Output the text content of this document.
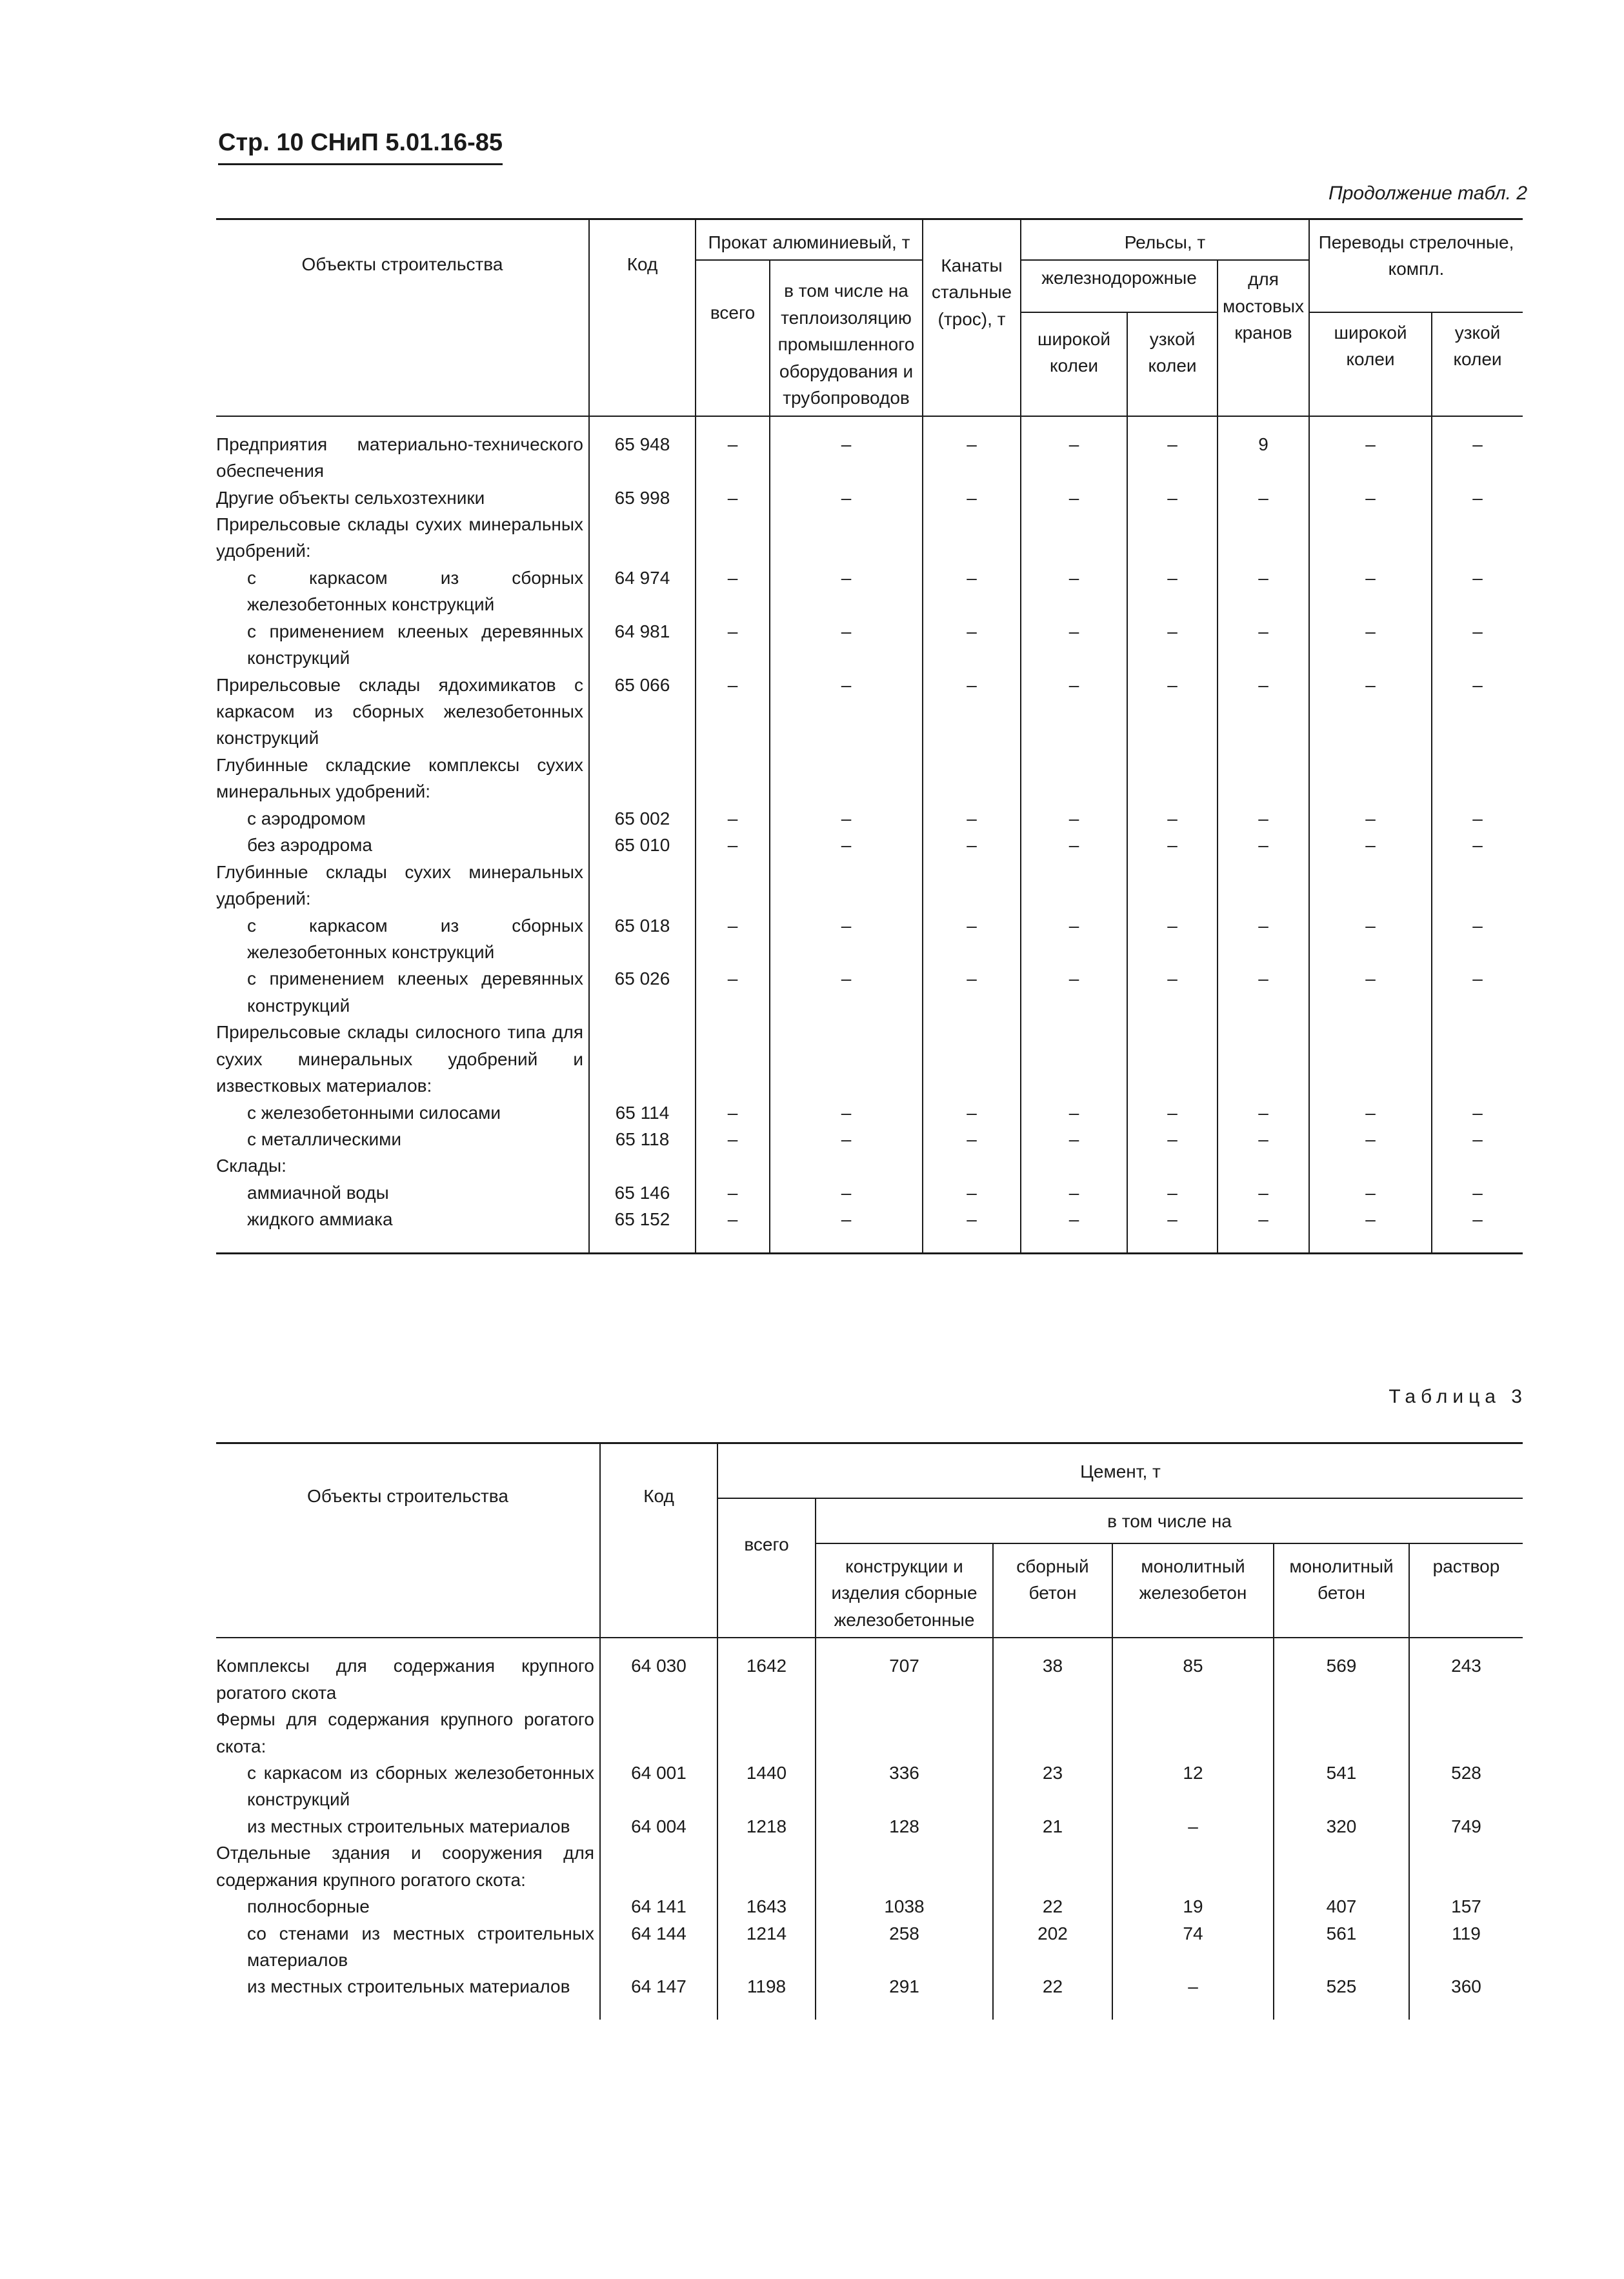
Стр. 10 СНиП 5.01.16-85
Продолжение табл. 2
Объекты строительства	Код	Прокат алюминиевый, т		Канаты стальные (трос), т	Рельсы, т			Переводы стрелочные, компл.	
		всего	в том числе на теплоизоляцию промышленного оборудования и трубопроводов		железнодорожные		для мостовых кранов		
					широкой колеи	узкой колеи		широкой колеи	узкой колеи
Предприятия материально-технического обеспечения	65 948	–	–	–	–	–	9	–	–
Другие объекты сельхозтехники	65 998	–	–	–	–	–	–	–	–
Прирельсовые склады сухих минеральных удобрений:									
с каркасом из сборных железобетонных конструкций	64 974	–	–	–	–	–	–	–	–
с применением клееных деревянных конструкций	64 981	–	–	–	–	–	–	–	–
Прирельсовые склады ядохимикатов с каркасом из сборных железобетонных конструкций	65 066	–	–	–	–	–	–	–	–
Глубинные складские комплексы сухих минеральных удобрений:									
с аэродромом	65 002	–	–	–	–	–	–	–	–
без аэродрома	65 010	–	–	–	–	–	–	–	–
Глубинные склады сухих минеральных удобрений:									
с каркасом из сборных железобетонных конструкций	65 018	–	–	–	–	–	–	–	–
с применением клееных деревянных конструкций	65 026	–	–	–	–	–	–	–	–
Прирельсовые склады силосного типа для сухих минеральных удобрений и известковых материалов:									
с железобетонными силосами	65 114	–	–	–	–	–	–	–	–
с металлическими	65 118	–	–	–	–	–	–	–	–
Склады:									
аммиачной воды	65 146	–	–	–	–	–	–	–	–
жидкого аммиака	65 152	–	–	–	–	–	–	–	–
Таблица 3
Объекты строительства	Код	Цемент, т					
		всего	в том числе на				
			конструкции и изделия сборные железобетонные	сборный бетон	монолитный железобетон	монолитный бетон	раствор
Комплексы для содержания крупного рогатого скота	64 030	1642	707	38	85	569	243
Фермы для содержания крупного рогатого скота:							
с каркасом из сборных железобетонных конструкций	64 001	1440	336	23	12	541	528
из местных строительных материалов	64 004	1218	128	21	–	320	749
Отдельные здания и сооружения для содержания крупного рогатого скота:							
полносборные	64 141	1643	1038	22	19	407	157
со стенами из местных строительных материалов	64 144	1214	258	202	74	561	119
из местных строительных материалов	64 147	1198	291	22	–	525	360
